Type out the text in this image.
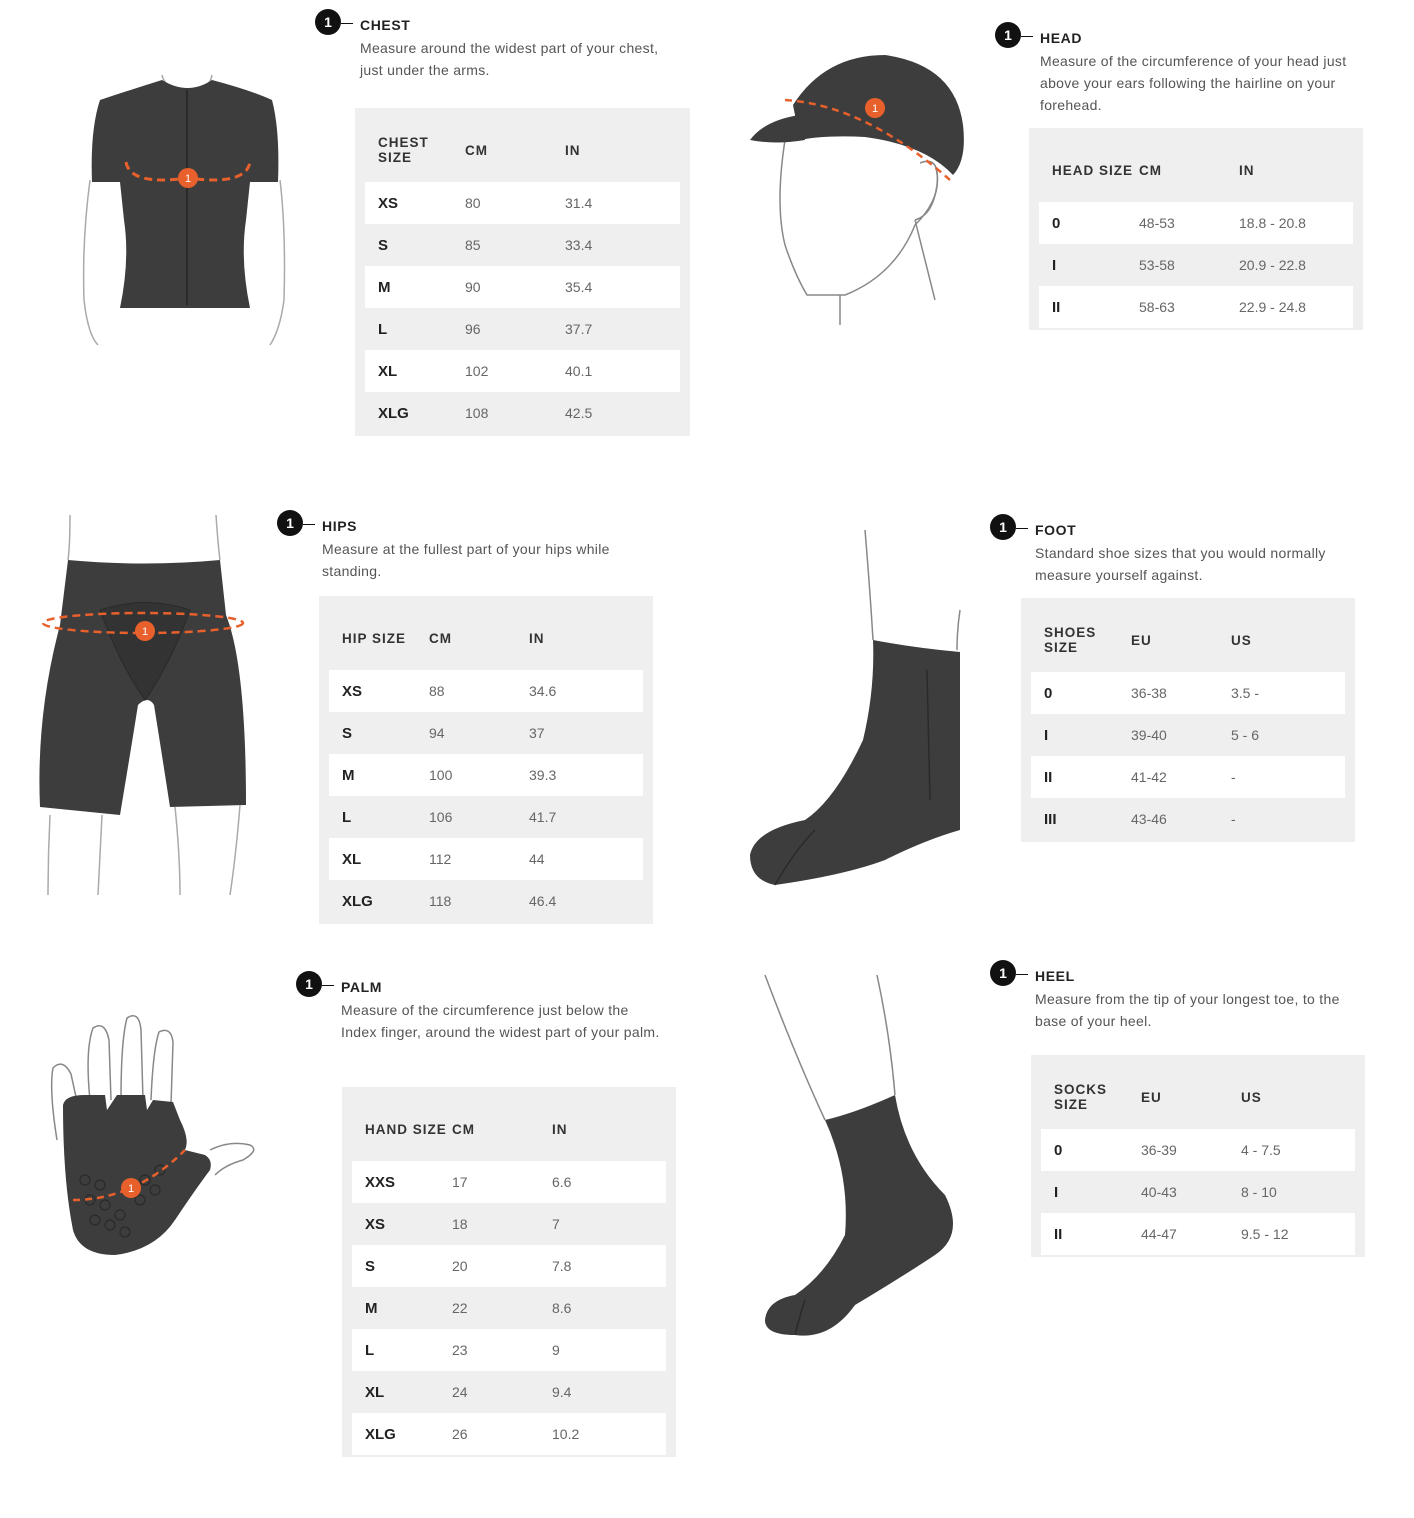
1
1
1
1
1	CHEST
Measure around the widest part of your chest, just under the arms.
CHEST SIZE	CM	IN
XS	80	31.4
S	85	33.4
M	90	35.4
L	96	37.7
XL	102	40.1
XLG	108	42.5
1	HEAD
Measure of the circumference of your head just above your ears following the hairline on your forehead.
HEAD SIZE CM	IN
0	48-53	18.8 - 20.8
I	53-58	20.9 - 22.8
II	58-63	22.9 - 24.8
1	HIPS
Measure at the fullest part of your hips while standing.
HIP SIZE	CM	IN
XS	88	34.6
S	94	37
M	100	39.3
L	106	41.7
XL	112	44
XLG	118	46.4
1	FOOT
Standard shoe sizes that you would normally measure yourself against.
SHOES SIZE	EU	US
0	36-38	3.5 -
I	39-40	5 - 6
II	41-42	-
III	43-46	-
1	PALM
Measure of the circumference just below the Index finger, around the widest part of your palm.
HAND SIZE CM	IN
XXS	17	6.6
XS	18	7
S	20	7.8
M	22	8.6
L	23	9
XL	24	9.4
XLG	26	10.2
1	HEEL
Measure from the tip of your longest toe, to the base of your heel.
SOCKS SIZE	EU	US
0	36-39	4 - 7.5
I	40-43	8 - 10
II	44-47	9.5 - 12
